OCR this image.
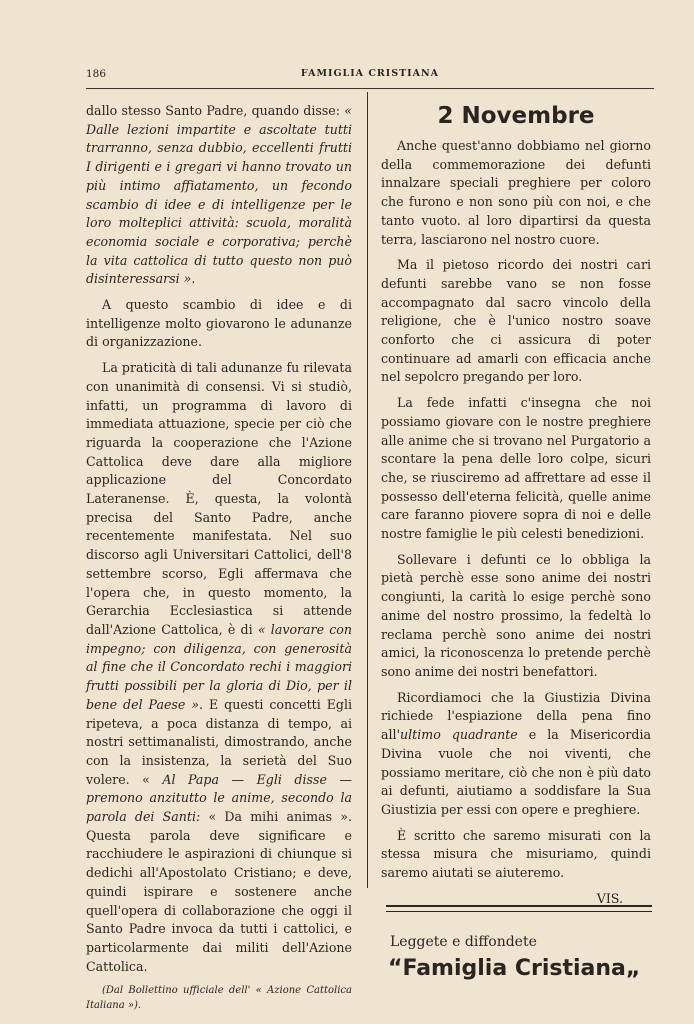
186	FAMIGLIA CRISTIANA

dallo stesso Santo Padre, quando disse: « Dalle lezioni impartite e ascoltate tutti trarranno, senza dubbio, eccellenti frutti I dirigenti e i gregari vi hanno trovato un più intimo affiatamento, un fecondo scambio di idee e di intelligenze per le loro molteplici attività: scuola, moralità economia sociale e corporativa; perchè la vita cattolica di tutto questo non può disinteressarsi ».

A questo scambio di idee e di intelligenze molto giovarono le adunanze di organizzazione.

La praticità di tali adunanze fu rilevata con unanimità di consensi. Vi si studiò, infatti, un programma di lavoro di immediata attuazione, specie per ciò che riguarda la cooperazione che l'Azione Cattolica deve dare alla migliore applicazione del Concordato Lateranense. È, questa, la volontà precisa del Santo Padre, anche recentemente manifestata. Nel suo discorso agli Universitari Cattolici, dell'8 settembre scorso, Egli affermava che l'opera che, in questo momento, la Gerarchia Ecclesiastica si attende dall'Azione Cattolica, è di « lavorare con impegno; con diligenza, con generosità al fine che il Concordato rechi i maggiori frutti possibili per la gloria di Dio, per il bene del Paese ». E questi concetti Egli ripeteva, a poca distanza di tempo, ai nostri settimanalisti, dimostrando, anche con la insistenza, la serietà del Suo volere. « Al Papa — Egli disse — premono anzitutto le anime, secondo la parola dei Santi: « Da mihi animas ». Questa parola deve significare e racchiudere le aspirazioni di chiunque si dedichi all'Apostolato Cristiano; e deve, quindi ispirare e sostenere anche quell'opera di collaborazione che oggi il Santo Padre invoca da tutti i cattolici, e particolarmente dai militi dell'Azione Cattolica.

(Dal Bollettino ufficiale dell' « Azione Cattolica Italiana »).

2 Novembre

Anche quest'anno dobbiamo nel giorno della commemorazione dei defunti innalzare speciali preghiere per coloro che furono e non sono più con noi, e che tanto vuoto. al loro dipartirsi da questa terra, lasciarono nel nostro cuore.

Ma il pietoso ricordo dei nostri cari defunti sarebbe vano se non fosse accompagnato dal sacro vincolo della religione, che è l'unico nostro soave conforto che ci assicura di poter continuare ad amarli con efficacia anche nel sepolcro pregando per loro.

La fede infatti c'insegna che noi possiamo giovare con le nostre preghiere alle anime che si trovano nel Purgatorio a scontare la pena delle loro colpe, sicuri che, se riusciremo ad affrettare ad esse il possesso dell'eterna felicità, quelle anime care faranno piovere sopra di noi e delle nostre famiglie le più celesti benedizioni.

Sollevare i defunti ce lo obbliga la pietà perchè esse sono anime dei nostri congiunti, la carità lo esige perchè sono anime del nostro prossimo, la fedeltà lo reclama perchè sono anime dei nostri amici, la riconoscenza lo pretende perchè sono anime dei nostri benefattori.

Ricordiamoci che la Giustizia Divina richiede l'espiazione della pena fino all'ultimo quadrante e la Misericordia Divina vuole che noi viventi, che possiamo meritare, ciò che non è più dato ai defunti, aiutiamo a soddisfare la Sua Giustizia per essi con opere e preghiere.

È scritto che saremo misurati con la stessa misura che misuriamo, quindi saremo aiutati se aiuteremo.

VIS.
Leggete e diffondete
“Famiglia Cristiana„
